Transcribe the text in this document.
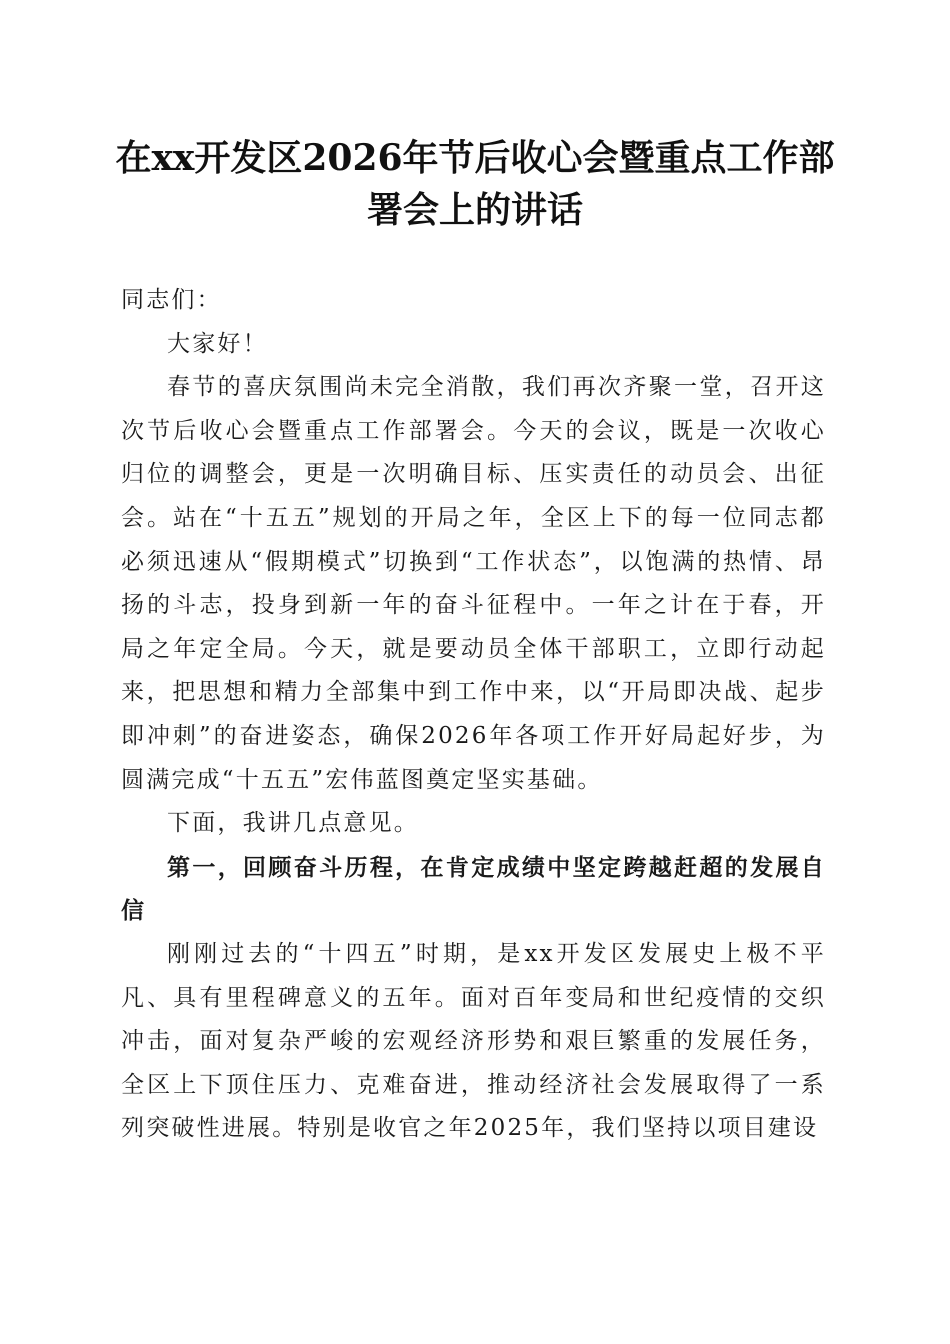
在xx开发区2026年节后收心会暨重点工作部
署会上的讲话

同志们：

大家好！

春节的喜庆氛围尚未完全消散，我们再次齐聚一堂，召开这次节后收心会暨重点工作部署会。今天的会议，既是一次收心归位的调整会，更是一次明确目标、压实责任的动员会、出征会。站在“十五五”规划的开局之年，全区上下的每一位同志都必须迅速从“假期模式”切换到“工作状态”，以饱满的热情、昂扬的斗志，投身到新一年的奋斗征程中。一年之计在于春，开局之年定全局。今天，就是要动员全体干部职工，立即行动起来，把思想和精力全部集中到工作中来，以“开局即决战、起步即冲刺”的奋进姿态，确保2026年各项工作开好局起好步，为圆满完成“十五五”宏伟蓝图奠定坚实基础。

下面，我讲几点意见。

第一，回顾奋斗历程，在肯定成绩中坚定跨越赶超的发展自信

刚刚过去的“十四五”时期，是xx开发区发展史上极不平凡、具有里程碑意义的五年。面对百年变局和世纪疫情的交织冲击，面对复杂严峻的宏观经济形势和艰巨繁重的发展任务，全区上下顶住压力、克难奋进，推动经济社会发展取得了一系列突破性进展。特别是收官之年2025年，我们坚持以项目建设
